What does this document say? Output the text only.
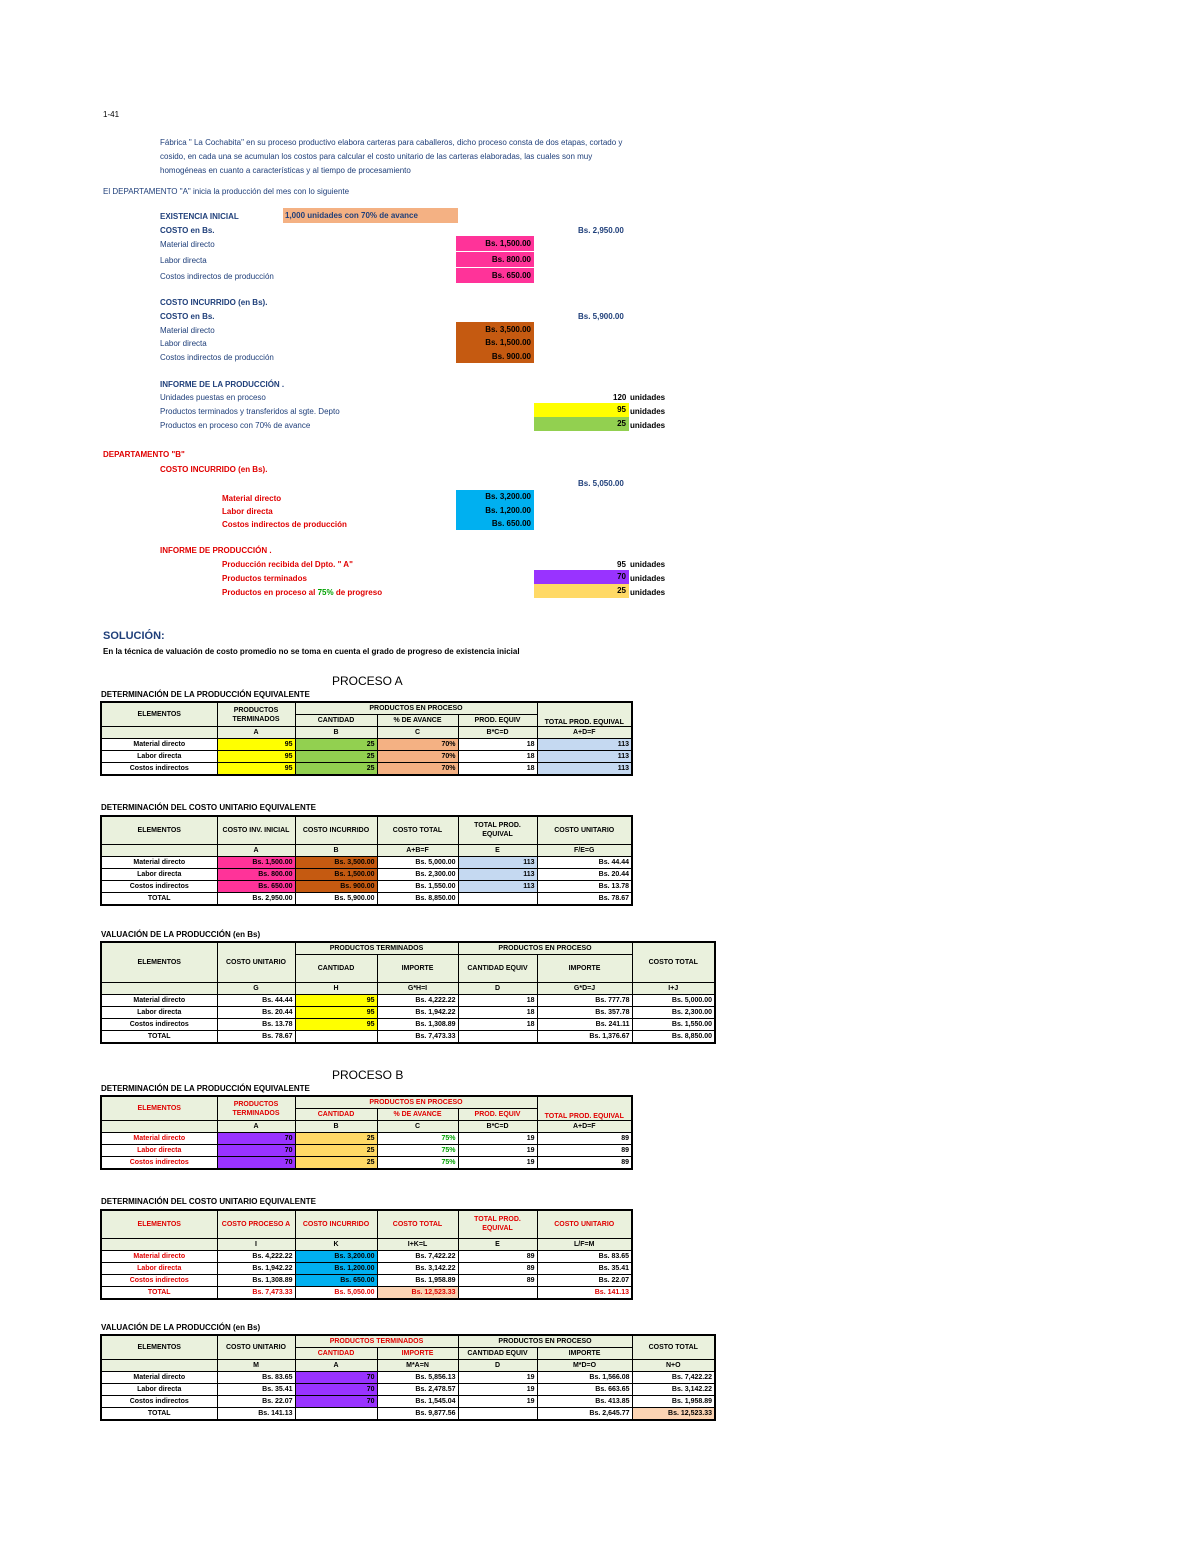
1-41
Fábrica " La Cochabita" en su proceso productivo elabora carteras para caballeros, dicho proceso consta de dos etapas, cortado y
cosido, en cada una se acumulan los costos para calcular el costo unitario de las carteras elaboradas, las cuales son muy
homogéneas en cuanto a características y al tiempo de procesamiento
El DEPARTAMENTO "A" inicia la producción del mes con lo siguiente
EXISTENCIA INICIAL	1,000 unidades con 70% de avance
COSTO en Bs.	Bs. 2,950.00
Material directo	Bs. 1,500.00
Labor directa	Bs. 800.00
Costos indirectos de producción	Bs. 650.00
COSTO INCURRIDO (en Bs).
COSTO en Bs.	Bs. 5,900.00
Material directo	Bs. 3,500.00
Labor directa	Bs. 1,500.00
Costos indirectos de producción	Bs. 900.00
INFORME DE LA PRODUCCIÓN .
Unidades puestas en proceso	120 unidades
Productos terminados y transferidos al sgte. Depto	95 unidades
Productos en proceso con 70% de avance	25 unidades
DEPARTAMENTO "B"
COSTO INCURRIDO (en Bs).
Bs. 5,050.00
Material directo	Bs. 3,200.00
Labor directa	Bs. 1,200.00
Costos indirectos de producción	Bs. 650.00
INFORME DE PRODUCCIÓN .
Producción recibida del Dpto. " A"	95 unidades
Productos terminados	70 unidades
Productos en proceso al 75% de progreso	25 unidades
SOLUCIÓN:
En la técnica de valuación de costo promedio no se toma en cuenta el grado de progreso de existencia inicial
PROCESO A
DETERMINACIÓN DE LA PRODUCCIÓN EQUIVALENTE
ELEMENTOS	PRODUCTOS TERMINADOS	PRODUCTOS EN PROCESO			TOTAL PROD. EQUIVAL
		CANTIDAD	% DE AVANCE	PROD. EQUIV	
	A	B	C	B*C=D	A+D=F
Material directo	95	25	70%	18	113
Labor directa	95	25	70%	18	113
Costos indirectos	95	25	70%	18	113
DETERMINACIÓN DEL COSTO UNITARIO EQUIVALENTE
ELEMENTOS	COSTO INV. INICIAL	COSTO INCURRIDO	COSTO TOTAL	TOTAL PROD. EQUIVAL	COSTO UNITARIO
	A	B	A+B=F	E	F/E=G
Material directo	Bs. 1,500.00	Bs. 3,500.00	Bs. 5,000.00	113	Bs. 44.44
Labor directa	Bs. 800.00	Bs. 1,500.00	Bs. 2,300.00	113	Bs. 20.44
Costos indirectos	Bs. 650.00	Bs. 900.00	Bs. 1,550.00	113	Bs. 13.78
TOTAL	Bs. 2,950.00	Bs. 5,900.00	Bs. 8,850.00		Bs. 78.67
VALUACIÓN DE LA PRODUCCIÓN (en Bs)
ELEMENTOS	COSTO UNITARIO	PRODUCTOS TERMINADOS		PRODUCTOS EN PROCESO		COSTO TOTAL
		CANTIDAD	IMPORTE	CANTIDAD EQUIV	IMPORTE	
	G	H	G*H=I	D	G*D=J	I+J
Material directo	Bs. 44.44	95	Bs. 4,222.22	18	Bs. 777.78	Bs. 5,000.00
Labor directa	Bs. 20.44	95	Bs. 1,942.22	18	Bs. 357.78	Bs. 2,300.00
Costos indirectos	Bs. 13.78	95	Bs. 1,308.89	18	Bs. 241.11	Bs. 1,550.00
TOTAL	Bs. 78.67		Bs. 7,473.33		Bs. 1,376.67	Bs. 8,850.00
PROCESO B
DETERMINACIÓN DE LA PRODUCCIÓN EQUIVALENTE
ELEMENTOS	PRODUCTOS TERMINADOS	PRODUCTOS EN PROCESO			TOTAL PROD. EQUIVAL
		CANTIDAD	% DE AVANCE	PROD. EQUIV	
	A	B	C	B*C=D	A+D=F
Material directo	70	25	75%	19	89
Labor directa	70	25	75%	19	89
Costos indirectos	70	25	75%	19	89
DETERMINACIÓN DEL COSTO UNITARIO EQUIVALENTE
ELEMENTOS	COSTO PROCESO A	COSTO INCURRIDO	COSTO TOTAL	TOTAL PROD. EQUIVAL	COSTO UNITARIO
	I	K	I+K=L	E	L/F=M
Material directo	Bs. 4,222.22	Bs. 3,200.00	Bs. 7,422.22	89	Bs. 83.65
Labor directa	Bs. 1,942.22	Bs. 1,200.00	Bs. 3,142.22	89	Bs. 35.41
Costos indirectos	Bs. 1,308.89	Bs. 650.00	Bs. 1,958.89	89	Bs. 22.07
TOTAL	Bs. 7,473.33	Bs. 5,050.00	Bs. 12,523.33		Bs. 141.13
VALUACIÓN DE LA PRODUCCIÓN (en Bs)
ELEMENTOS	COSTO UNITARIO	PRODUCTOS TERMINADOS		PRODUCTOS EN PROCESO		COSTO TOTAL
		CANTIDAD	IMPORTE	CANTIDAD EQUIV	IMPORTE	
	M	A	M*A=N	D	M*D=O	N+O
Material directo	Bs. 83.65	70	Bs. 5,856.13	19	Bs. 1,566.08	Bs. 7,422.22
Labor directa	Bs. 35.41	70	Bs. 2,478.57	19	Bs. 663.65	Bs. 3,142.22
Costos indirectos	Bs. 22.07	70	Bs. 1,545.04	19	Bs. 413.85	Bs. 1,958.89
TOTAL	Bs. 141.13		Bs. 9,877.56		Bs. 2,645.77	Bs. 12,523.33
